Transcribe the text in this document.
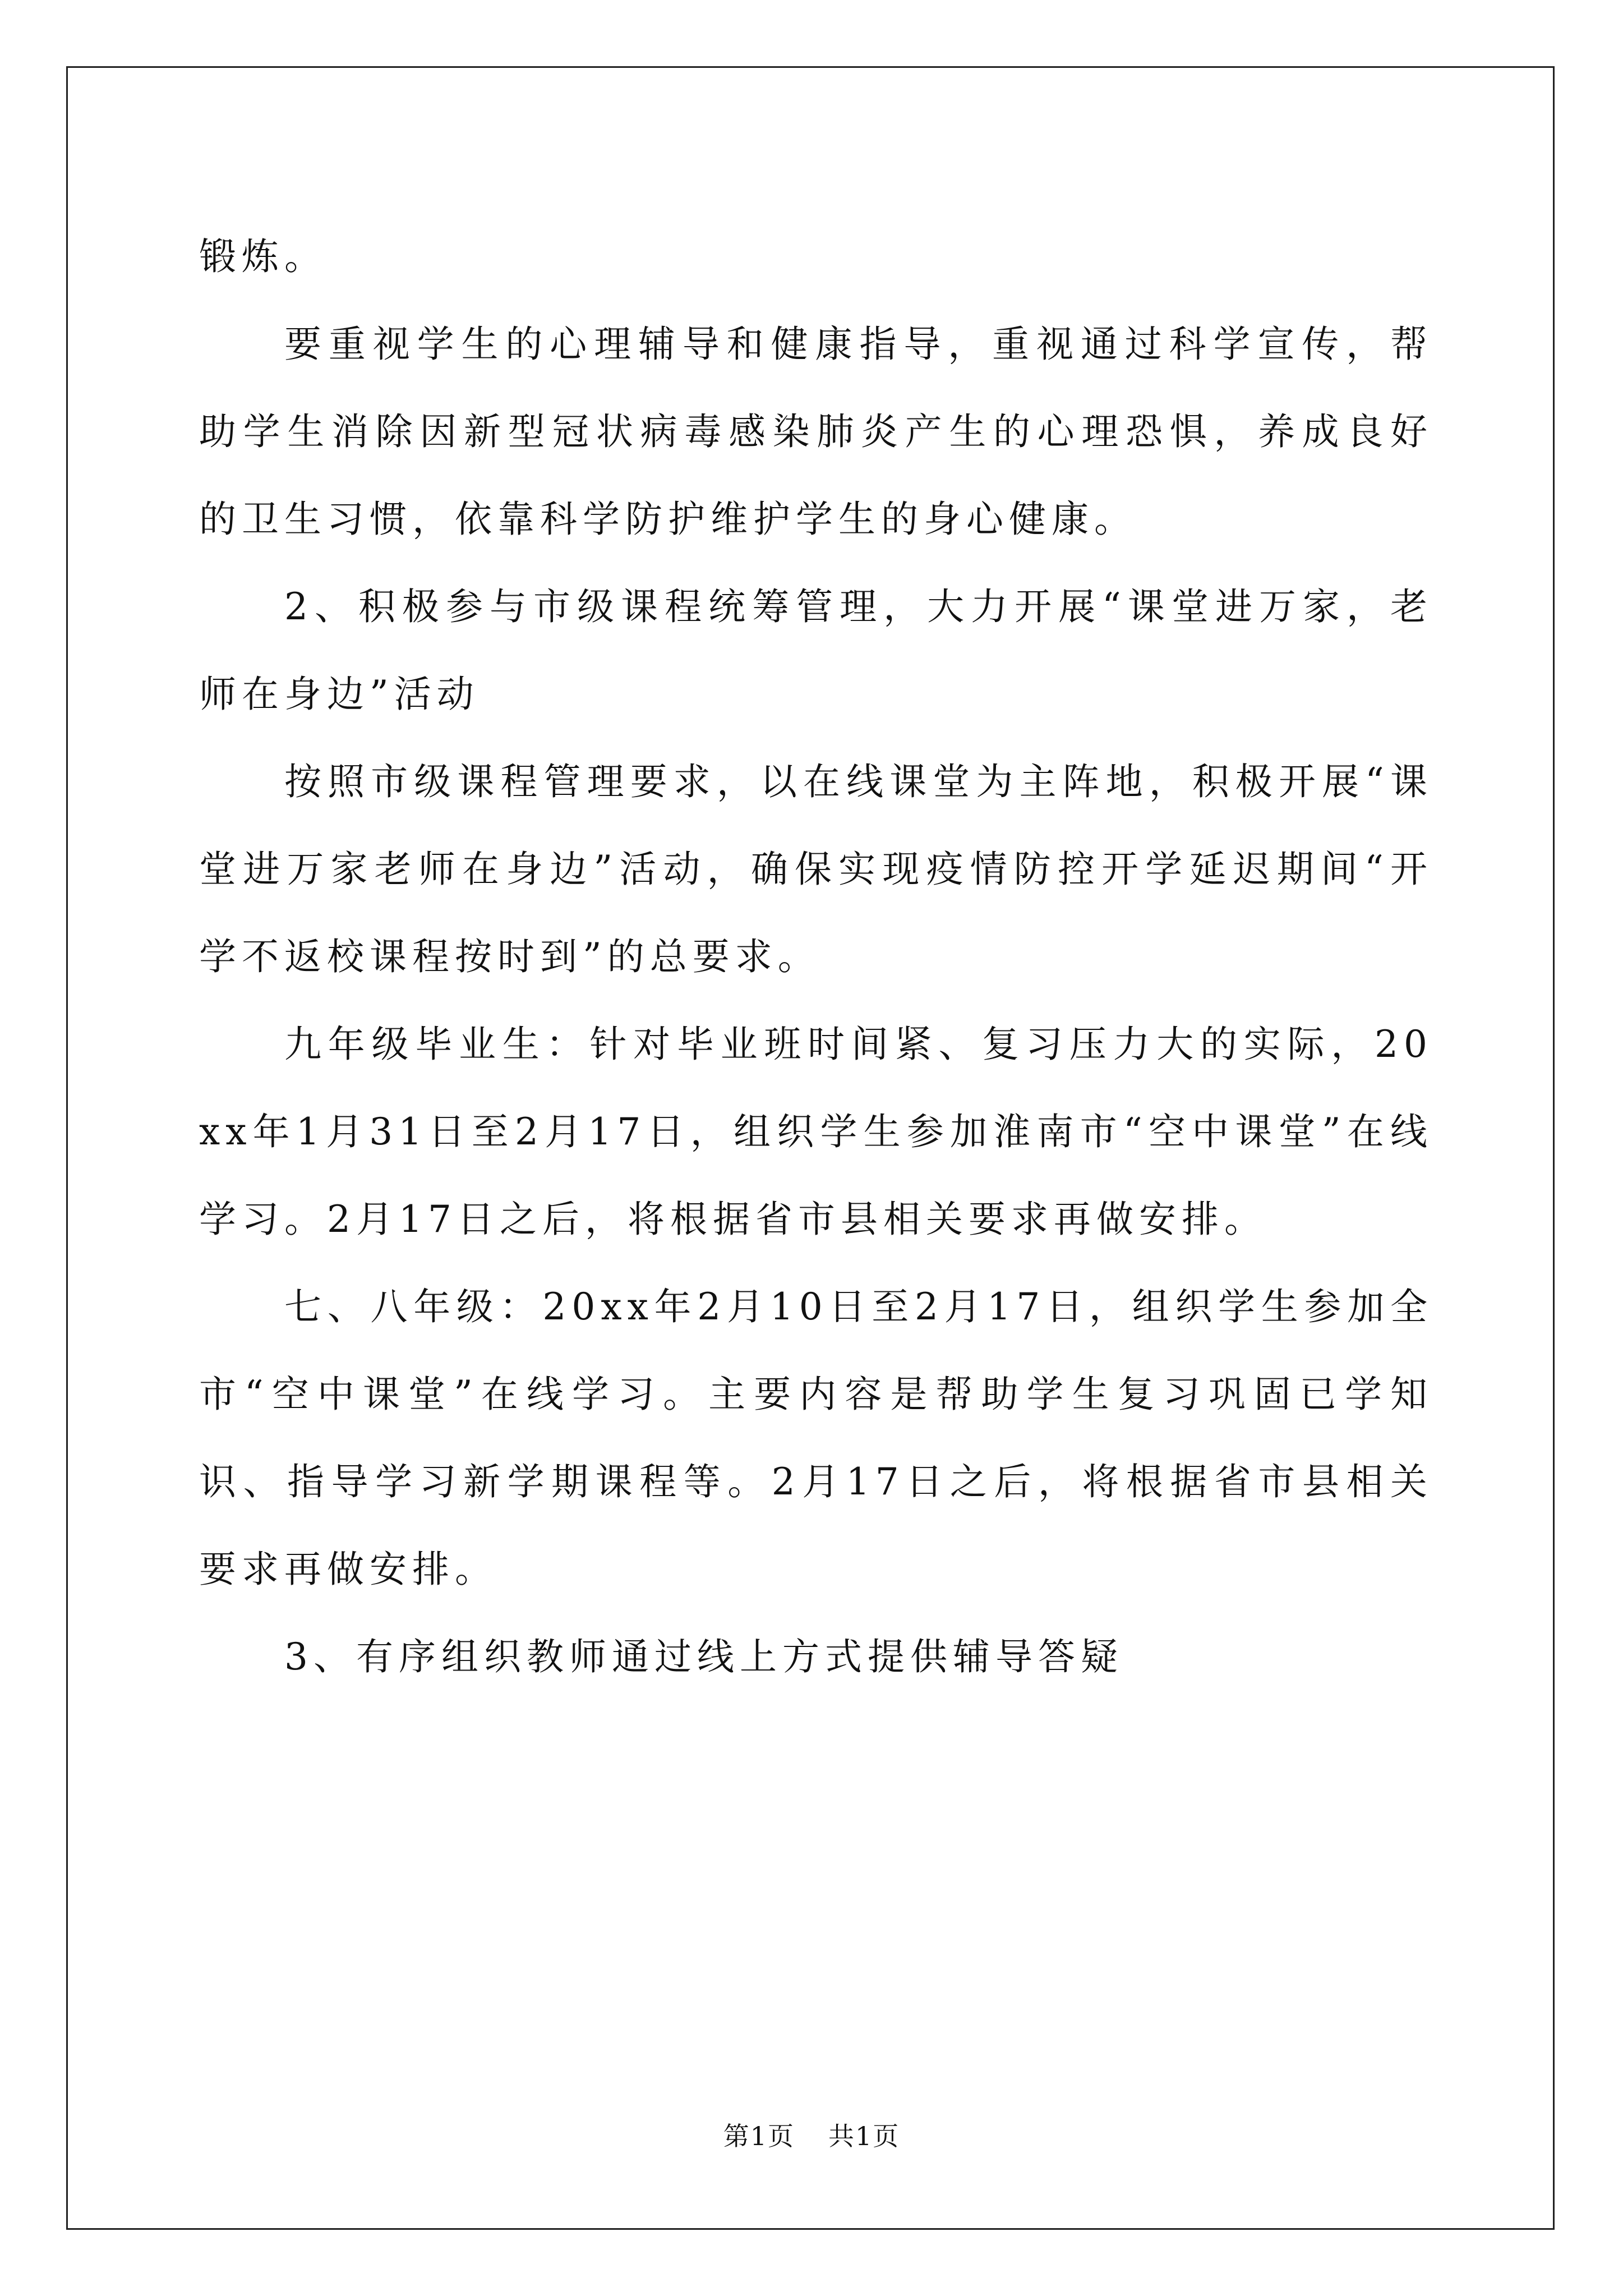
锻炼。

要重视学生的心理辅导和健康指导，重视通过科学宣传，帮助学生消除因新型冠状病毒感染肺炎产生的心理恐惧，养成良好的卫生习惯，依靠科学防护维护学生的身心健康。

2、积极参与市级课程统筹管理，大力开展“课堂进万家，老师在身边”活动

按照市级课程管理要求，以在线课堂为主阵地，积极开展“课堂进万家老师在身边”活动，确保实现疫情防控开学延迟期间“开学不返校课程按时到”的总要求。

九年级毕业生：针对毕业班时间紧、复习压力大的实际，20xx年1月31日至2月17日，组织学生参加淮南市“空中课堂”在线学习。2月17日之后，将根据省市县相关要求再做安排。

七、八年级：20xx年2月10日至2月17日，组织学生参加全市“空中课堂”在线学习。主要内容是帮助学生复习巩固已学知识、指导学习新学期课程等。2月17日之后，将根据省市县相关要求再做安排。

3、有序组织教师通过线上方式提供辅导答疑

第1页 共1页
